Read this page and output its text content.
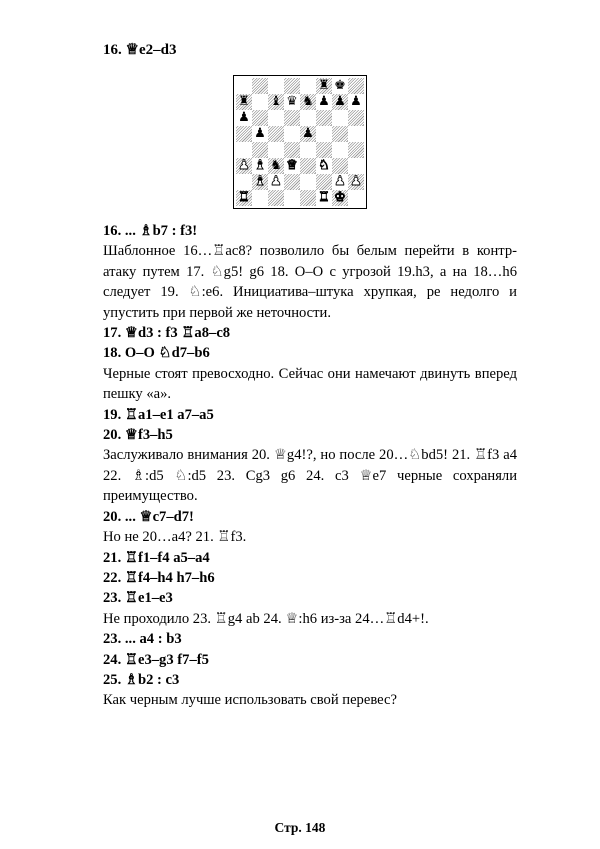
16. ♕e2–d3
♜ ♚
♜ ♝ ♛ ♞ ♟ ♟ ♟
♟
♟	♟
♟ ♝ ♞ ♛ ♞
♝ ♟	♟ ♟
♜	♜ ♚
16. ... ♗b7 : f3!
Шаблонное 16…♖ac8? позволило бы белым перейти в контр-атаку путем 17. ♘g5! g6 18. O–O с угрозой 19.h3, а на 18…h6 следует 19. ♘:e6. Инициатива–штука хрупкая, ре недолго и упустить при первой же неточности.
17. ♕d3 : f3 ♖a8–c8
18. O–O ♘d7–b6
Черные стоят превосходно. Сейчас они намечают двинуть вперед пешку «а».
19. ♖a1–e1 a7–a5
20. ♕f3–h5
Заслуживало внимания 20. ♕g4!?, но после 20…♘bd5! 21. ♖f3 a4 22. ♗:d5 ♘:d5 23. Cg3 g6 24. c3 ♕e7 черные сохраняли преимущество.
20. ... ♕c7–d7!
Но не 20…a4? 21. ♖f3.
21. ♖f1–f4 a5–a4
22. ♖f4–h4 h7–h6
23. ♖e1–e3
Не проходило 23. ♖g4 ab 24. ♕:h6 из-за 24…♖d4+!.
23. ... a4 : b3
24. ♖e3–g3 f7–f5
25. ♗b2 : c3
Как черным лучше использовать свой перевес?
Стр. 148
